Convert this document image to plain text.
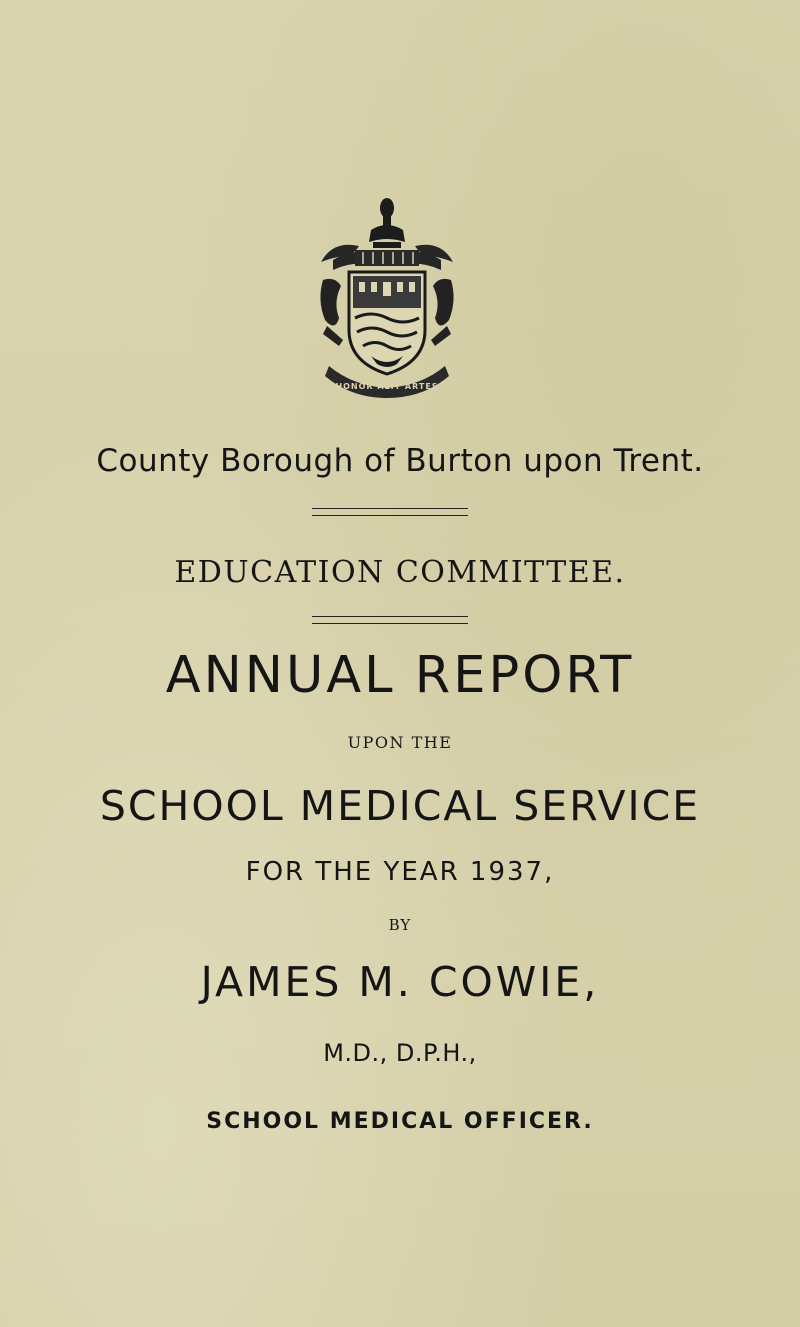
HONOR ALIT ARTES
County Borough of Burton upon Trent.
EDUCATION COMMITTEE.
ANNUAL REPORT
UPON THE
SCHOOL MEDICAL SERVICE
FOR THE YEAR 1937,
BY
JAMES M. COWIE,
M.D., D.P.H.,
SCHOOL MEDICAL OFFICER.
